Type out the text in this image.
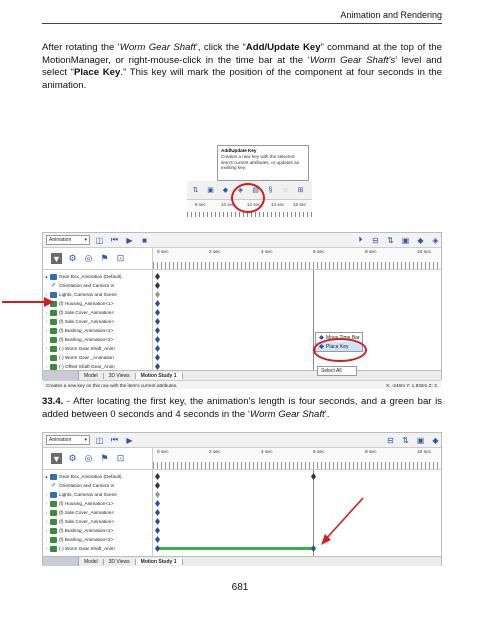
Animation and Rendering

After rotating the ‘Worm Gear Shaft’, click the “Add/Update Key” command at the top of the MotionManager, or right-mouse-click in the time bar at the ‘Worm Gear Shaft's’ level and select “Place Key.” This key will mark the position of the component at four seconds in the animation.

Add/Update Key
Creates a new key with the selected item's current attributes, or updates an existing key.
⇅	▣	◆	◈	▤	§	◌	⊞
8 sec	10 sec	12 sec 14 sec 16 sec
Animation	▾ ◫ ⏮	▶	■	⏵	⊟ ⇅ ▣	◆	◈
▼ ⚙ ◎ ⚑ ⊡
0 sec	2 sec	4 sec	6 sec	8 sec	10 sec
▲	Gear Box_Animation (Default)
✐ Orientation and Camera Vi
›	Lights, Cameras and Scene
(f) Housing_Animation<1>
›	(f) Side Cover_Animation<
›	(f) Side Cover_Animation<
›	(f) Bushing_Animation<1>
›	(f) Bushing_Animation<2>
›	(-) Worm Gear Shaft_Anim
›	(-) Worm Gear _Animation
›	(-) Offset Shaft Gear_Anim
Move Time Bar
Place Key
Select All
Model	3D Views	Motion Study 1
Creates a new key on this row with the item's current attributes.	X: -246m Y: 1.832m Z: 3.

33.4. - After locating the first key, the animation's length is four seconds, and a green bar is added between 0 seconds and 4 seconds in the ‘Worm Gear Shaft’.

Animation	▾ ◫ ⏮	▶	⊟ ⇅ ▣	◆
▼ ⚙ ◎ ⚑ ⊡
0 sec	2 sec	4 sec	6 sec	8 sec	10 sec
▲	Gear Box_Animation (Default)
✐ Orientation and Camera Vi
›	Lights, Cameras and Scene
›	(f) Housing_Animation<1>
›	(f) Side Cover_Animation<
›	(f) Side Cover_Animation<
›	(f) Bushing_Animation<1>
›	(f) Bushing_Animation<2>
›	(-) Worm Gear Shaft_Anim
Model	3D Views	Motion Study 1
681
